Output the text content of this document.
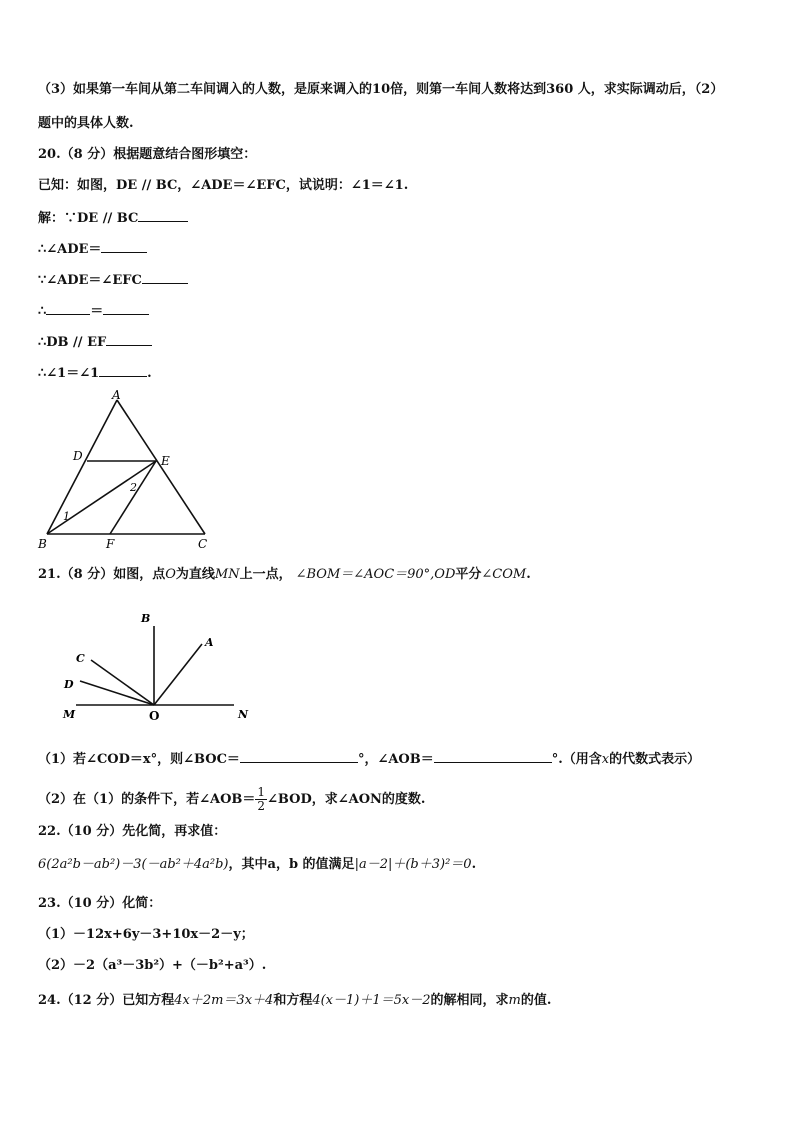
（3）如果第一车间从第二车间调入的人数，是原来调入的10倍，则第一车间人数将达到360 人，求实际调动后，（2）
题中的具体人数.
20.（8 分）根据题意结合图形填空：
已知：如图，DE // BC，∠ADE＝∠EFC，试说明：∠1＝∠1.
解：∵DE // BC
∴∠ADE＝
∵∠ADE＝∠EFC
∴	＝
∴DB // EF
∴∠1＝∠1	.
A
D	E
B	F	C
1
2
21.（8 分）如图，点O为直线MN上一点， ∠BOM＝∠AOC＝90°,OD平分∠COM.
B
A
C
D
M	O	N
（1）若∠COD＝x°，则∠BOC＝	°，∠AOB＝	°.（用含x的代数式表示）
（2）在（1）的条件下，若∠AOB＝ $\frac{1}{2}$ ∠BOD，求∠AON的度数.
22.（10 分）先化简，再求值：
6(2a²b－ab²)－3(－ab²＋4a²b)，其中a，b 的值满足|a－2|＋(b＋3)²＝0.
23.（10 分）化简：
（1）－12x+6y－3+10x－2－y；
（2）－2（a³－3b²）+（－b²+a³）.
24.（12 分）已知方程4x＋2m＝3x＋4和方程4(x－1)＋1＝5x－2的解相同，求m的值.
